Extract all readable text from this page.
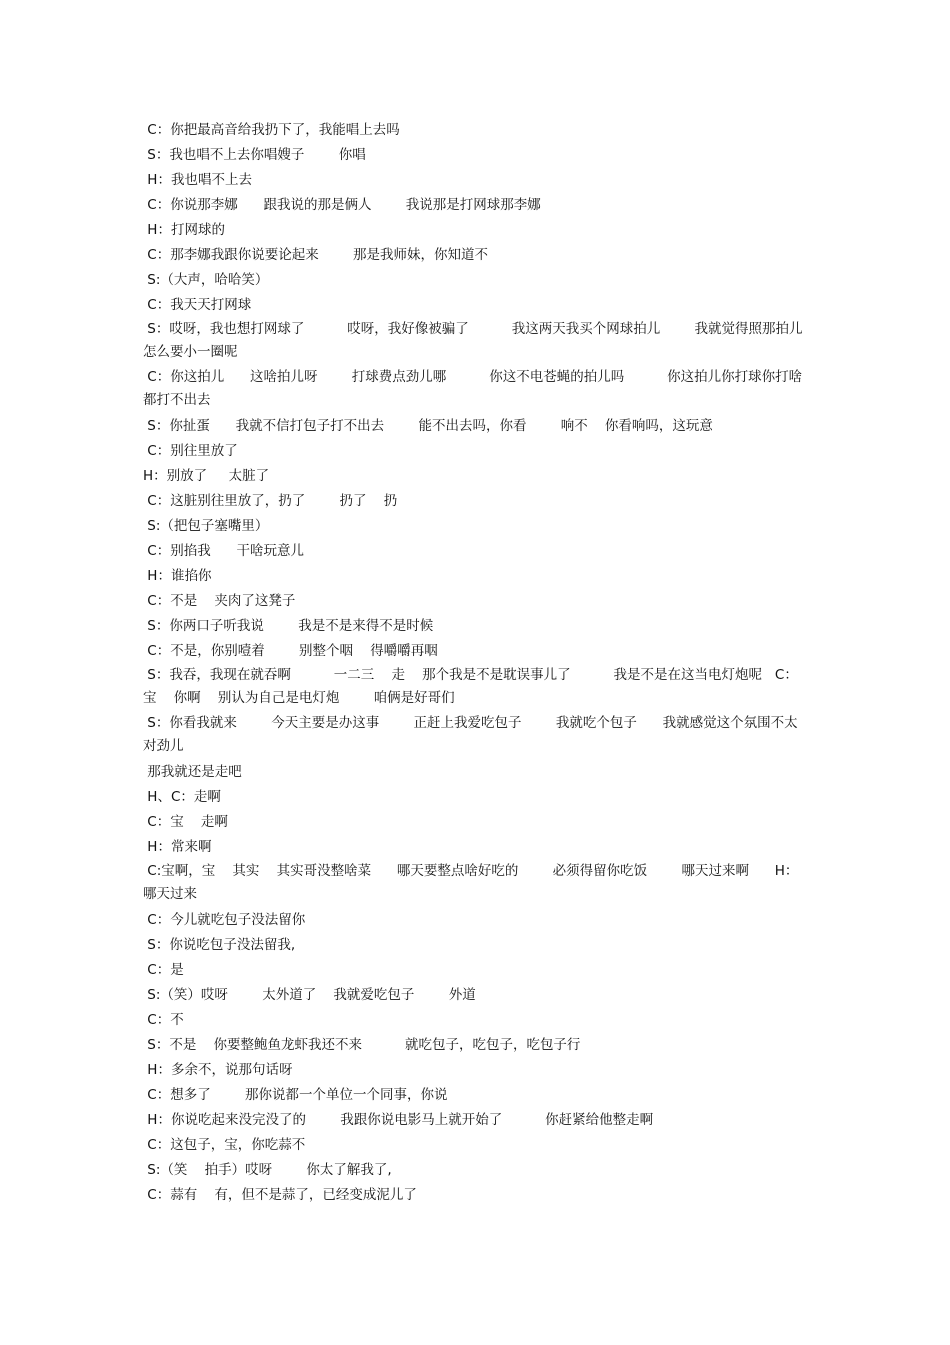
C：你把最高音给我扔下了，我能唱上去吗
S：我也唱不上去你唱嫂子        你唱
H：我也唱不上去
C：你说那李娜      跟我说的那是俩人        我说那是打网球那李娜
H：打网球的
C：那李娜我跟你说要论起来        那是我师妹，你知道不
S:（大声，哈哈笑）
C：我天天打网球
S：哎呀，我也想打网球了          哎呀，我好像被骗了          我这两天我买个网球拍儿        我就觉得照那拍儿怎么要小一圈呢
C：你这拍儿      这啥拍儿呀        打球费点劲儿哪          你这不电苍蝇的拍儿吗          你这拍儿你打球你打啥都打不出去
S：你扯蛋      我就不信打包子打不出去        能不出去吗，你看        响不    你看响吗，这玩意
C：别往里放了
H：别放了     太脏了
C：这脏别往里放了，扔了        扔了    扔
S:（把包子塞嘴里）
C：别掐我      干啥玩意儿
H：谁掐你
C：不是    夹肉了这凳子
S：你两口子听我说        我是不是来得不是时候
C：不是，你别噎着        别整个咽    得嚼嚼再咽
S：我吞，我现在就吞啊          一二三    走    那个我是不是耽误事儿了          我是不是在这当电灯炮呢   C：宝    你啊    别认为自己是电灯炮        咱俩是好哥们
S：你看我就来        今天主要是办这事        正赶上我爱吃包子        我就吃个包子      我就感觉这个氛围不太对劲儿
那我就还是走吧
H、C：走啊
C：宝    走啊
H：常来啊
C:宝啊，宝    其实    其实哥没整啥菜      哪天要整点啥好吃的        必须得留你吃饭        哪天过来啊      H：哪天过来
C：今儿就吃包子没法留你
S：你说吃包子没法留我,
C：是
S:（笑）哎呀        太外道了    我就爱吃包子        外道
C：不
S：不是    你要整鲍鱼龙虾我还不来          就吃包子，吃包子，吃包子行
H：多余不，说那句话呀
C：想多了        那你说都一个单位一个同事，你说
H：你说吃起来没完没了的        我跟你说电影马上就开始了          你赶紧给他整走啊
C：这包子，宝，你吃蒜不
S:（笑    拍手）哎呀        你太了解我了,
C：蒜有    有，但不是蒜了，已经变成泥儿了
